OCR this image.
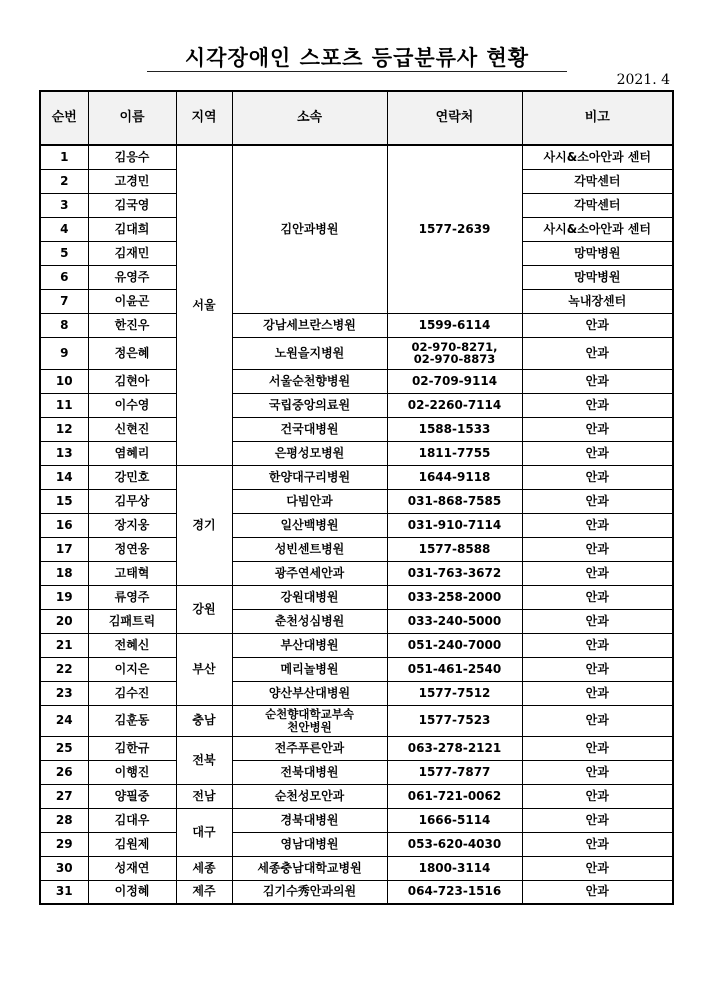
시각장애인 스포츠 등급분류사 현황
2021. 4
순번	이름	지역	소속	연락처	비고
1	김응수	서울	김안과병원	1577-2639	사시&소아안과 센터
2	고경민				각막센터
3	김국영				각막센터
4	김대희				사시&소아안과 센터
5	김재민				망막병원
6	유영주				망막병원
7	이윤곤				녹내장센터
8	한진우		강남세브란스병원	1599-6114	안과
9	정은혜		노원을지병원	02-970-8271,
02-970-8873	안과
10	김현아		서울순천향병원	02-709-9114	안과
11	이수영		국립중앙의료원	02-2260-7114	안과
12	신현진		건국대병원	1588-1533	안과
13	염혜리		은평성모병원	1811-7755	안과
14	강민호	경기	한양대구리병원	1644-9118	안과
15	김무상		다빔안과	031-868-7585	안과
16	장지웅		일산백병원	031-910-7114	안과
17	정연웅		성빈센트병원	1577-8588	안과
18	고태혁		광주연세안과	031-763-3672	안과
19	류영주	강원	강원대병원	033-258-2000	안과
20	김패트릭		춘천성심병원	033-240-5000	안과
21	전혜신	부산	부산대병원	051-240-7000	안과
22	이지은		메리놀병원	051-461-2540	안과
23	김수진		양산부산대병원	1577-7512	안과
24	김훈동	충남	순천향대학교부속
천안병원	1577-7523	안과
25	김한규	전북	전주푸른안과	063-278-2121	안과
26	이행진		전북대병원	1577-7877	안과
27	양필중	전남	순천성모안과	061-721-0062	안과
28	김대우	대구	경북대병원	1666-5114	안과
29	김원제		영남대병원	053-620-4030	안과
30	성재연	세종	세종충남대학교병원	1800-3114	안과
31	이정혜	제주	김기수秀안과의원	064-723-1516	안과
